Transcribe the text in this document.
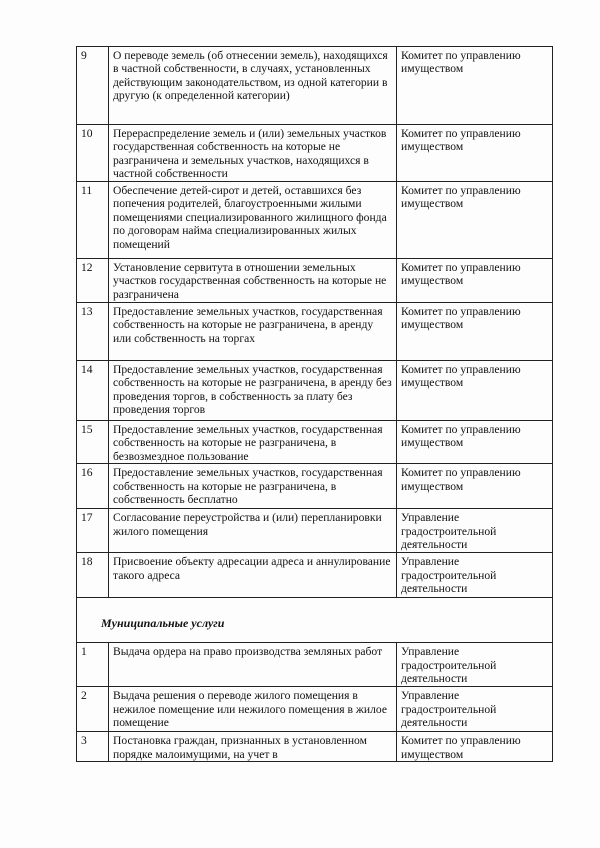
9	О переводе земель (об отнесении земель), находящихся в частной собственности, в случаях, установленных действующим законодательством, из одной категории в другую (к определенной категории)	Комитет по управлению имуществом
10	Перераспределение земель и (или) земельных участков государственная собственность на которые не разграничена и земельных участков, находящихся в частной собственности	Комитет по управлению имуществом
11	Обеспечение детей-сирот и детей, оставшихся без попечения родителей, благоустроенными жилыми помещениями специализированного жилищного фонда по договорам найма специализированных жилых помещений	Комитет по управлению имуществом
12	Установление сервитута в отношении земельных участков государственная собственность на которые не разграничена	Комитет по управлению имуществом
13	Предоставление земельных участков, государственная собственность на которые не разграничена, в аренду или собственность на торгах	Комитет по управлению имуществом
14	Предоставление земельных участков, государственная собственность на которые не разграничена, в аренду без проведения торгов, в собственность за плату без проведения торгов	Комитет по управлению имуществом
15	Предоставление земельных участков, государственная собственность на которые не разграничена, в безвозмездное пользование	Комитет по управлению имуществом
16	Предоставление земельных участков, государственная собственность на которые не разграничена, в собственность бесплатно	Комитет по управлению имуществом
17	Согласование переустройства и (или) перепланировки жилого помещения	Управление градостроительной деятельности
18	Присвоение объекту адресации адреса и аннулирование такого адреса	Управление градостроительной деятельности
Муниципальные услуги		
1	Выдача ордера на право производства земляных работ	Управление градостроительной деятельности
2	Выдача решения о переводе жилого помещения в нежилое помещение или нежилого помещения в жилое помещение	Управление градостроительной деятельности
3	Постановка граждан, признанных в установленном порядке малоимущими, на учет в	Комитет по управлению имуществом
